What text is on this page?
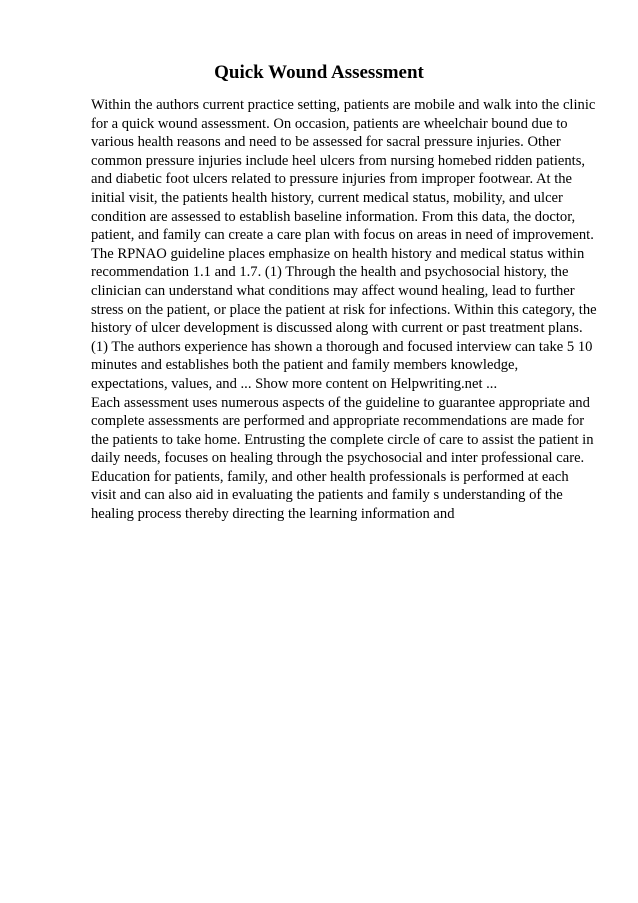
Quick Wound Assessment

Within the authors current practice setting, patients are mobile and walk into the clinic for a quick wound assessment. On occasion, patients are wheelchair bound due to various health reasons and need to be assessed for sacral pressure injuries. Other common pressure injuries include heel ulcers from nursing homebed ridden patients, and diabetic foot ulcers related to pressure injuries from improper footwear. At the initial visit, the patients health history, current medical status, mobility, and ulcer condition are assessed to establish baseline information. From this data, the doctor, patient, and family can create a care plan with focus on areas in need of improvement. The RPNAO guideline places emphasize on health history and medical status within recommendation 1.1 and 1.7. (1) Through the health and psychosocial history, the clinician can understand what conditions may affect wound healing, lead to further stress on the patient, or place the patient at risk for infections. Within this category, the history of ulcer development is discussed along with current or past treatment plans. (1) The authors experience has shown a thorough and focused interview can take 5 10 minutes and establishes both the patient and family members knowledge, expectations, values, and ... Show more content on Helpwriting.net ...

Each assessment uses numerous aspects of the guideline to guarantee appropriate and complete assessments are performed and appropriate recommendations are made for the patients to take home. Entrusting the complete circle of care to assist the patient in daily needs, focuses on healing through the psychosocial and inter professional care. Education for patients, family, and other health professionals is performed at each visit and can also aid in evaluating the patients and family s understanding of the healing process thereby directing the learning information and
